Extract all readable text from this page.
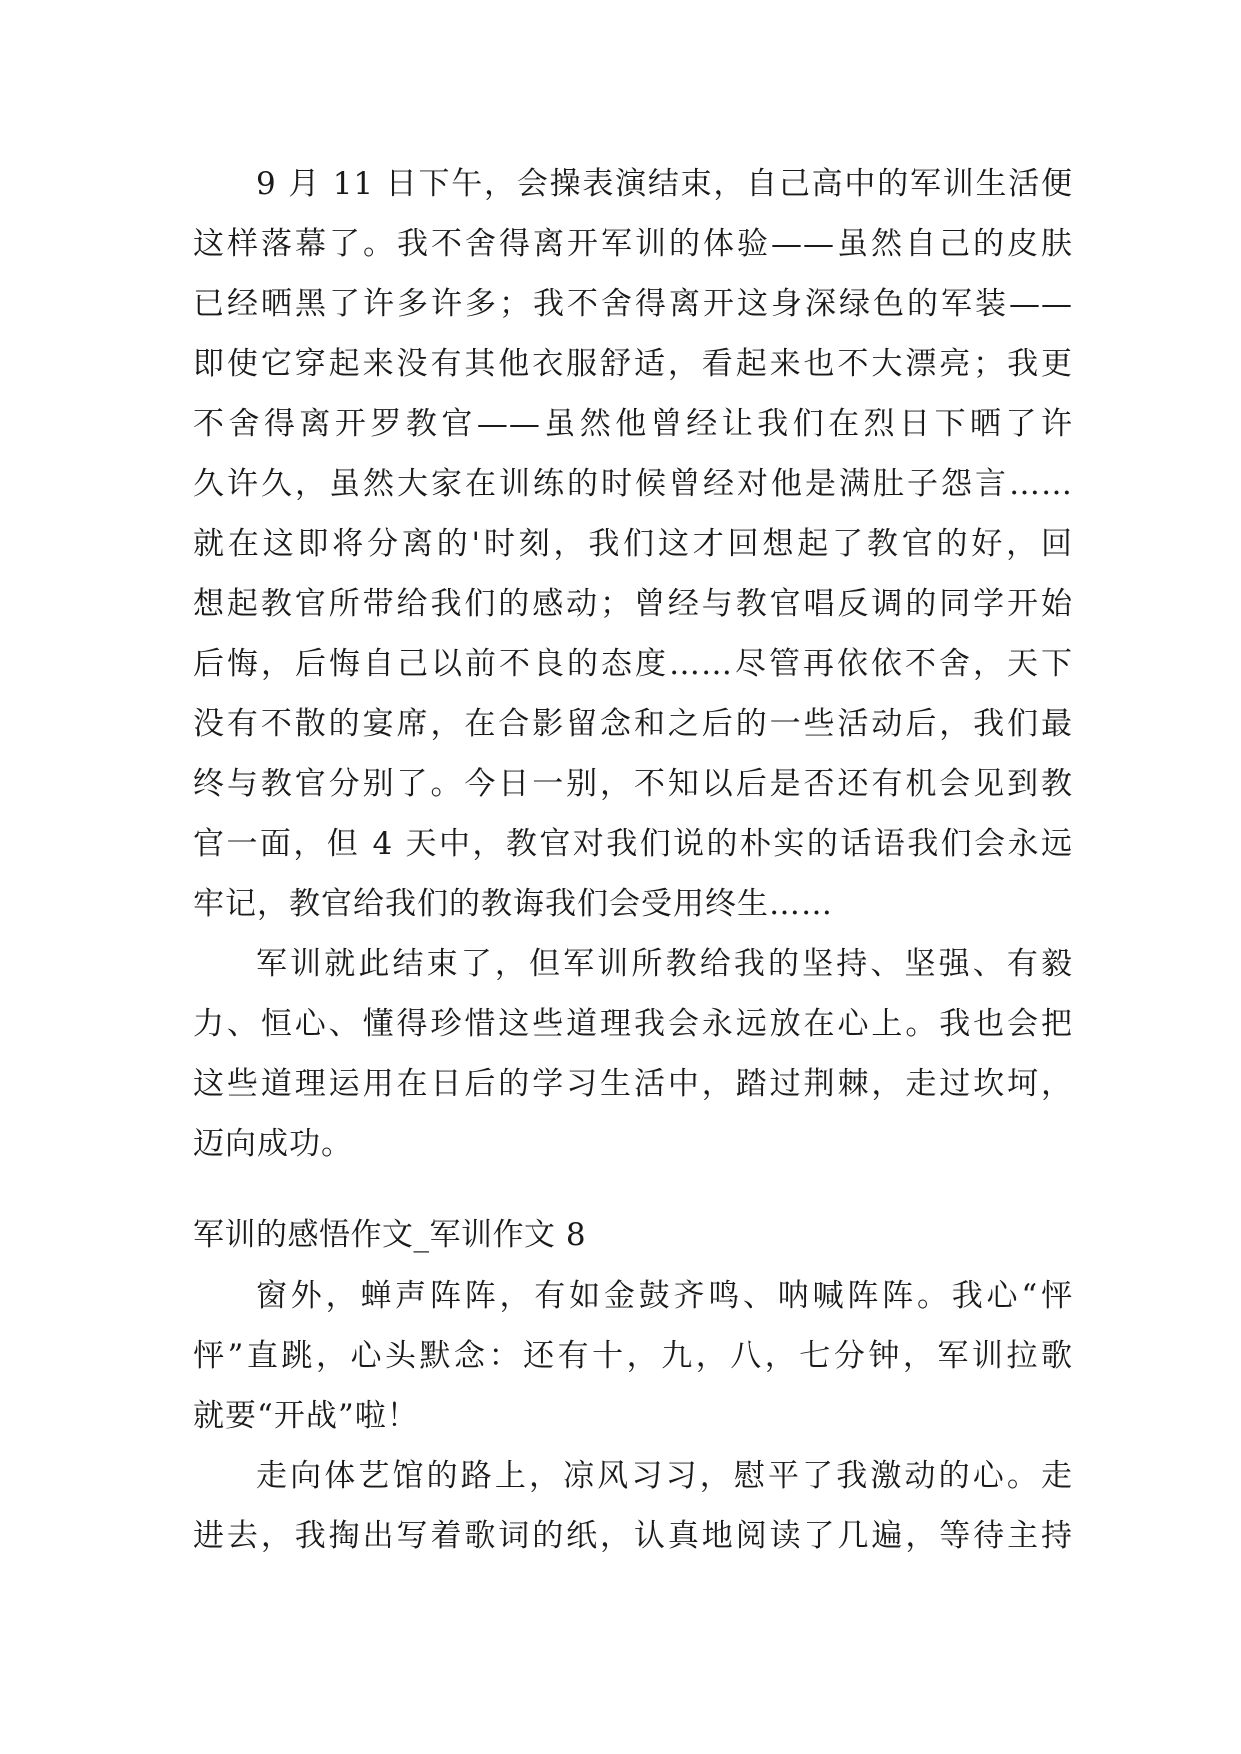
9 月 11 日下午，会操表演结束，自己高中的军训生活便
这样落幕了。我不舍得离开军训的体验——虽然自己的皮肤
已经晒黑了许多许多；我不舍得离开这身深绿色的军装——
即使它穿起来没有其他衣服舒适，看起来也不大漂亮；我更
不舍得离开罗教官——虽然他曾经让我们在烈日下晒了许
久许久，虽然大家在训练的时候曾经对他是满肚子怨言……
就在这即将分离的'时刻，我们这才回想起了教官的好，回
想起教官所带给我们的感动；曾经与教官唱反调的同学开始
后悔，后悔自己以前不良的态度……尽管再依依不舍，天下
没有不散的宴席，在合影留念和之后的一些活动后，我们最
终与教官分别了。今日一别，不知以后是否还有机会见到教
官一面，但 4 天中，教官对我们说的朴实的话语我们会永远
牢记，教官给我们的教诲我们会受用终生……
军训就此结束了，但军训所教给我的坚持、坚强、有毅
力、恒心、懂得珍惜这些道理我会永远放在心上。我也会把
这些道理运用在日后的学习生活中，踏过荆棘，走过坎坷，
迈向成功。
军训的感悟作文_军训作文 8
窗外，蝉声阵阵，有如金鼓齐鸣、呐喊阵阵。我心“怦
怦”直跳，心头默念：还有十，九，八，七分钟，军训拉歌
就要“开战”啦！
走向体艺馆的路上，凉风习习，慰平了我激动的心。走
进去，我掏出写着歌词的纸，认真地阅读了几遍，等待主持
